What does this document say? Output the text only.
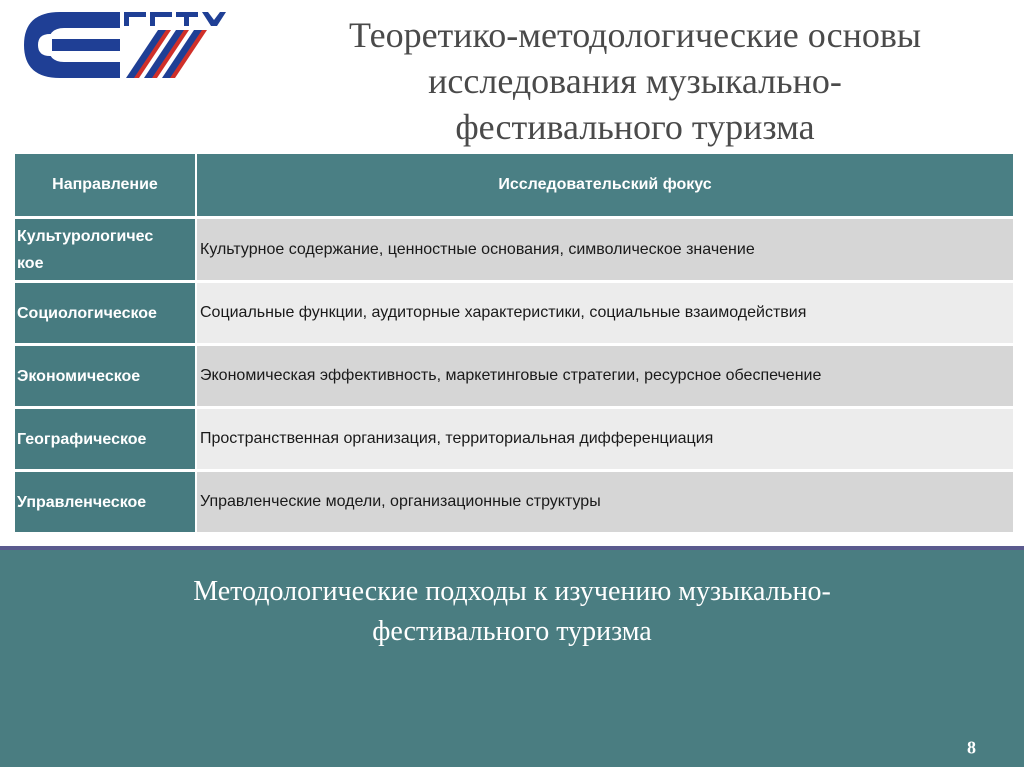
Теоретико-методологические основы
исследования музыкально-
фестивального туризма
Направление	Исследовательский фокус

Культурологичес
кое	Культурное содержание, ценностные основания, символическое значение
Социологическое	Социальные функции, аудиторные характеристики, социальные взаимодействия
Экономическое	Экономическая эффективность, маркетинговые стратегии, ресурсное обеспечение
Географическое	Пространственная организация, территориальная дифференциация
Управленческое	Управленческие модели, организационные структуры
Методологические подходы к изучению музыкально-
фестивального туризма
8
